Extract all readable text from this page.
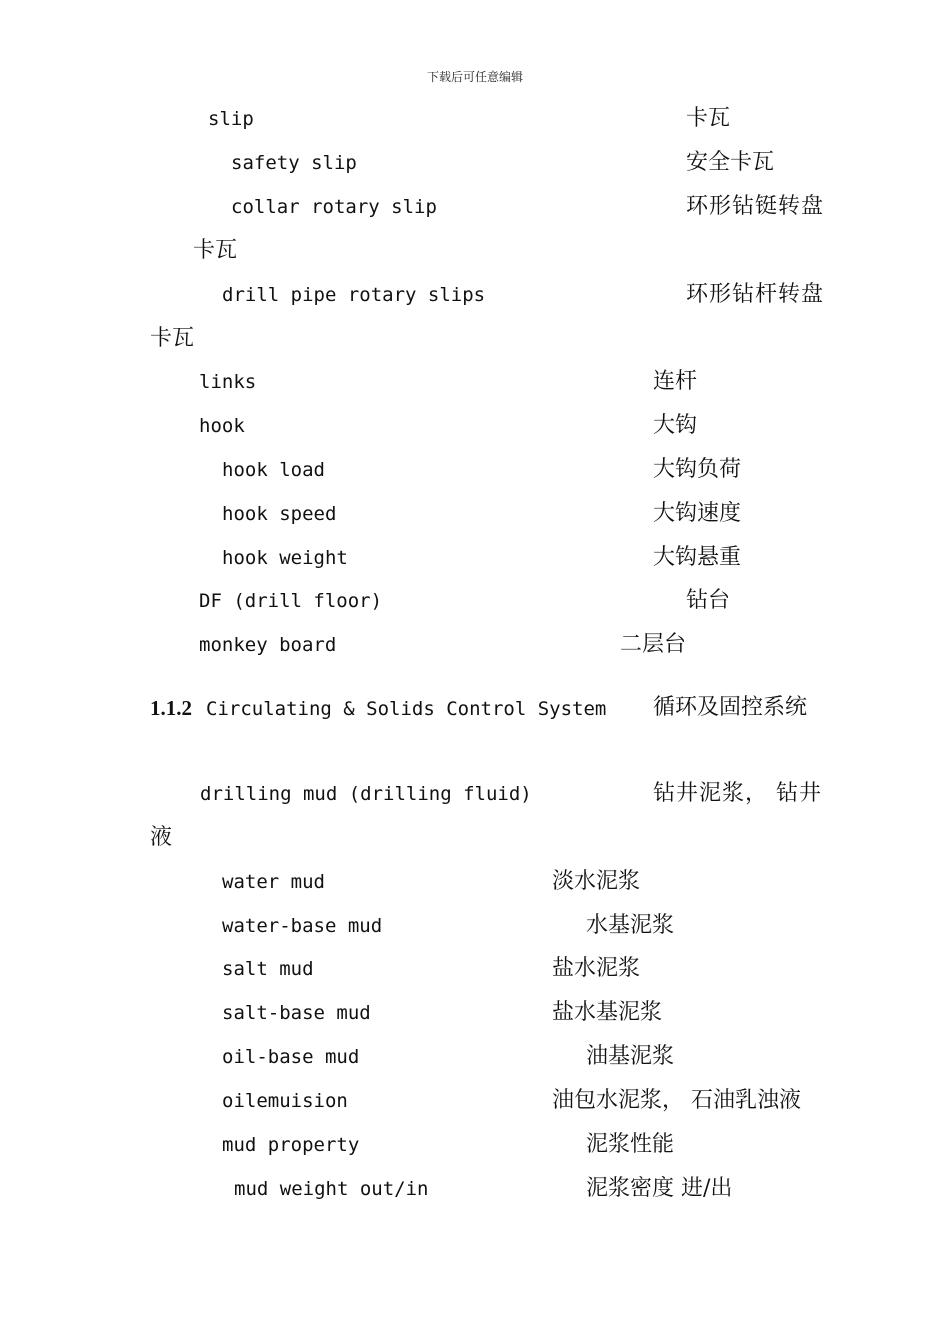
下载后可任意编辑
slip	卡瓦
safety slip	安全卡瓦
collar rotary slip	环形钻铤转盘
卡瓦
drill pipe rotary slips	环形钻杆转盘
卡瓦
links	连杆
hook	大钩
hook load	大钩负荷
hook speed	大钩速度
hook weight	大钩悬重
DF (drill floor)	钻台
monkey board	二层台
1.1.2 Circulating & Solids Control System 循环及固控系统
drilling mud (drilling fluid)	钻井泥浆， 钻井
液
water mud	淡水泥浆
water-base mud	水基泥浆
salt mud	盐水泥浆
salt-base mud	盐水基泥浆
oil-base mud	油基泥浆
oilemuision	油包水泥浆， 石油乳浊液
mud property	泥浆性能
mud weight out/in	泥浆密度 进/出
